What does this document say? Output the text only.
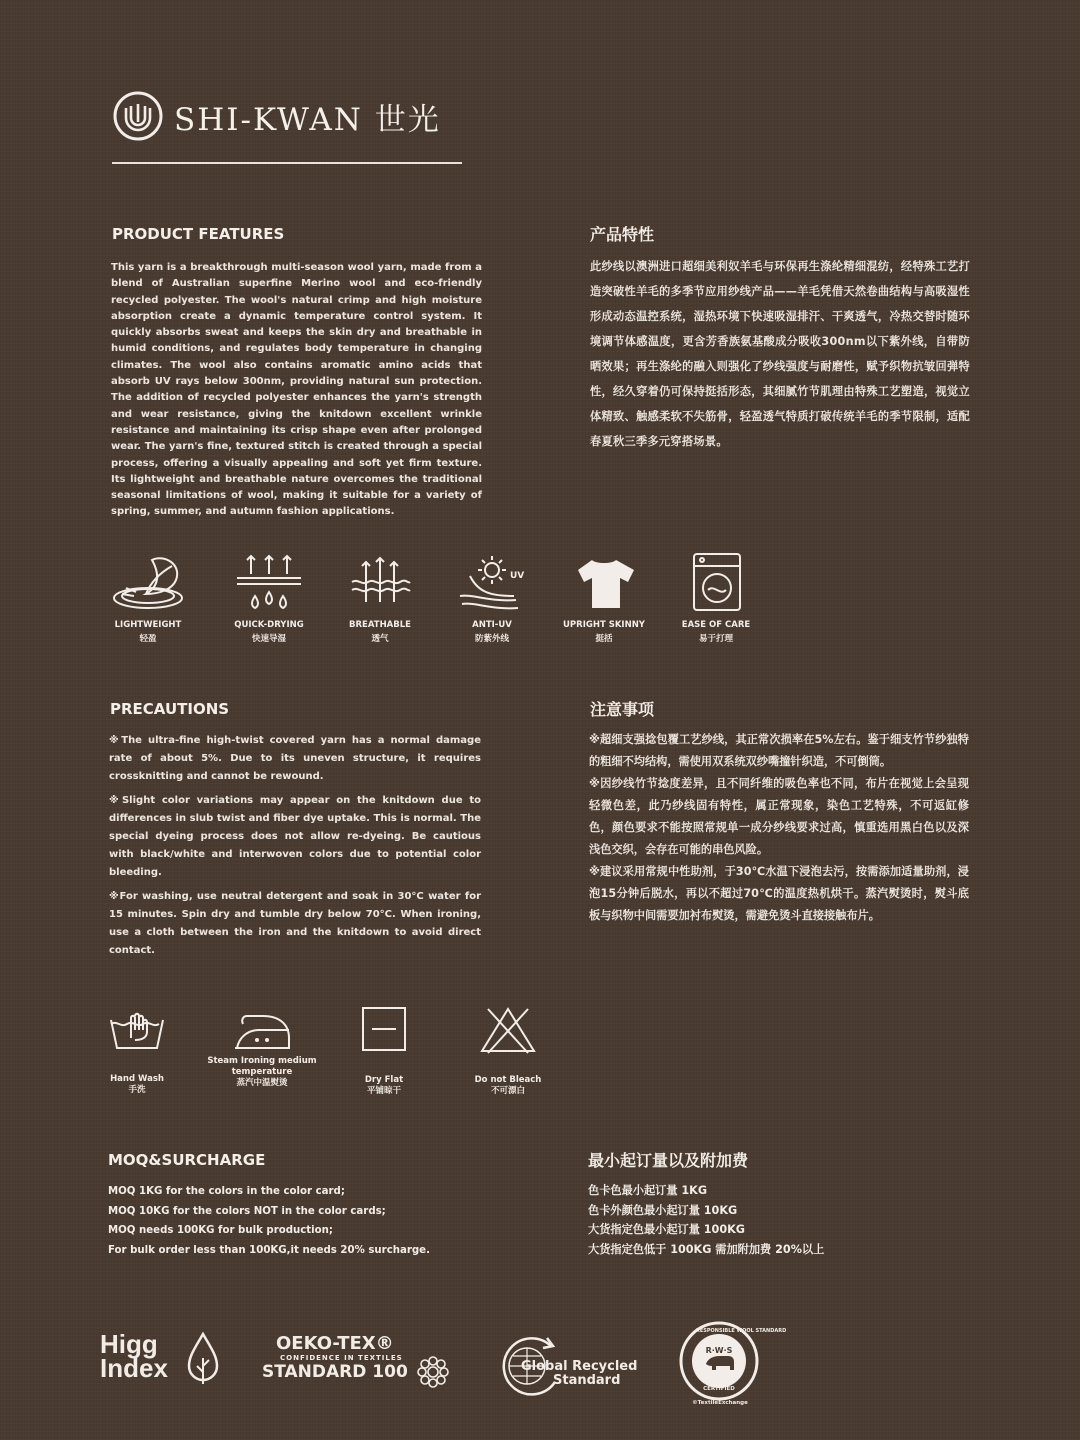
SHI-KWAN 世光
PRODUCT FEATURES
This yarn is a breakthrough multi-season wool yarn, made from a blend of Australian superfine Merino wool and eco-friendly recycled polyester. The wool's natural crimp and high moisture absorption create a dynamic temperature control system. It quickly absorbs sweat and keeps the skin dry and breathable in humid conditions, and regulates body temperature in changing climates. The wool also contains aromatic amino acids that absorb UV rays below 300nm, providing natural sun protection. The addition of recycled polyester enhances the yarn's strength and wear resistance, giving the knitdown excellent wrinkle resistance and maintaining its crisp shape even after prolonged wear. The yarn's fine, textured stitch is created through a special process, offering a visually appealing and soft yet firm texture. Its lightweight and breathable nature overcomes the traditional seasonal limitations of wool, making it suitable for a variety of spring, summer, and autumn fashion applications.
产品特性
此纱线以澳洲进口超细美利奴羊毛与环保再生涤纶精细混纺，经特殊工艺打造突破性羊毛的多季节应用纱线产品——羊毛凭借天然卷曲结构与高吸湿性形成动态温控系统，湿热环境下快速吸湿排汗、干爽透气，冷热交替时随环境调节体感温度，更含芳香族氨基酸成分吸收300nm以下紫外线，自带防晒效果；再生涤纶的融入则强化了纱线强度与耐磨性，赋予织物抗皱回弹特性，经久穿着仍可保持挺括形态，其细腻竹节肌理由特殊工艺塑造，视觉立体精致、触感柔软不失筋骨，轻盈透气特质打破传统羊毛的季节限制，适配春夏秋三季多元穿搭场景。
LIGHTWEIGHT
轻盈
QUICK-DRYING
快速导湿
BREATHABLE
透气
UV
ANTI-UV
防紫外线
UPRIGHT SKINNY
挺括
EASE OF CARE
易于打理
PRECAUTIONS

※The ultra-fine high-twist covered yarn has a normal damage rate of about 5%. Due to its uneven structure, it requires crossknitting and cannot be rewound.

※Slight color variations may appear on the knitdown due to differences in slub twist and fiber dye uptake. This is normal. The special dyeing process does not allow re-dyeing. Be cautious with black/white and interwoven colors due to potential color bleeding.

※For washing, use neutral detergent and soak in 30°C water for 15 minutes. Spin dry and tumble dry below 70°C. When ironing, use a cloth between the iron and the knitdown to avoid direct contact.

注意事项

※超细支强捻包覆工艺纱线，其正常次损率在5%左右。鉴于细支竹节纱独特的粗细不均结构，需使用双系统双纱嘴撞针织造，不可倒筒。

※因纱线竹节捻度差异，且不同纤维的吸色率也不同，布片在视觉上会呈现轻微色差，此乃纱线固有特性，属正常现象，染色工艺特殊，不可返缸修色，颜色要求不能按照常规单一成分纱线要求过高，慎重选用黑白色以及深浅色交织，会存在可能的串色风险。

※建议采用常规中性助剂，于30℃水温下浸泡去污，按需添加适量助剂，浸泡15分钟后脱水，再以不超过70℃的温度热机烘干。蒸汽熨烫时，熨斗底板与织物中间需要加衬布熨烫，需避免烫斗直接接触布片。

Hand Wash
手洗
Steam Ironing medium temperature
蒸汽中温熨烫	Dry Flat
平铺晾干
Do not Bleach
不可漂白
MOQ&SURCHARGE
MOQ 1KG for the colors in the color card;
MOQ 10KG for the colors NOT in the color cards;
MOQ needs 100KG for bulk production;
For bulk order less than 100KG,it needs 20% surcharge.
最小起订量以及附加费
色卡色最小起订量 1KG
色卡外颜色最小起订量 10KG
大货指定色最小起订量 100KG
大货指定色低于 100KG 需加附加费 20%以上
Higg
Index
OEKO-TEX®
CONFIDENCE IN TEXTILES
STANDARD 100	Global Recycled
Standard
RESPONSIBLE WOOL STANDARD
R·W·S
CERTIFIED
©TextileExchange
